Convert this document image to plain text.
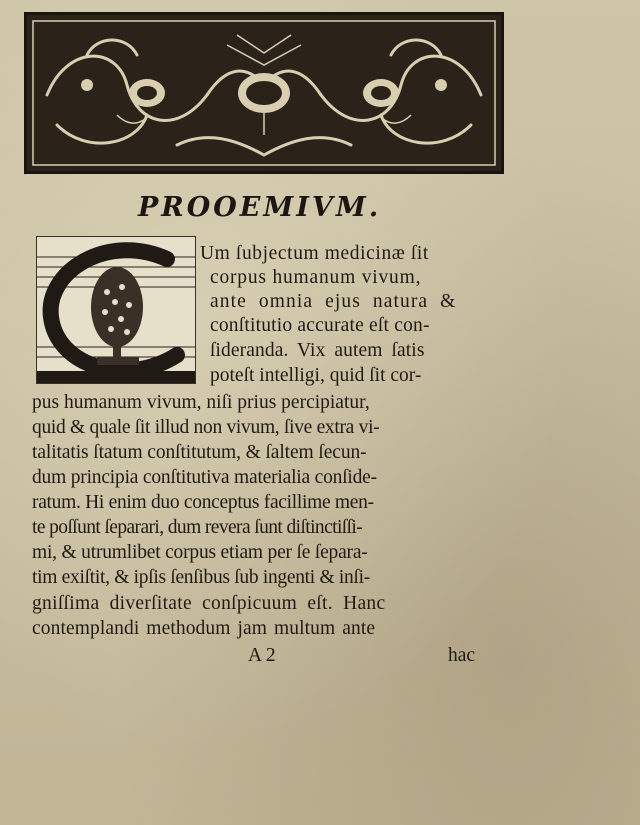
PROOEMIVM.
Um ſubjectum medicinæ ſit
corpus humanum vivum,
ante omnia ejus natura &
conſtitutio accurate eſt con-
ſideranda. Vix autem ſatis
poteſt intelligi, quid ſit cor-
pus humanum vivum, niſi prius percipiatur,
quid & quale ſit illud non vivum, ſive extra vi-
talitatis ſtatum conſtitutum, & ſaltem ſecun-
dum principia conſtitutiva materialia conſide-
ratum. Hi enim duo conceptus facillime men-
te poſſunt ſeparari, dum revera ſunt diſtinctiſſi-
mi, & utrumlibet corpus etiam per ſe ſepara-
tim exiſtit, & ipſis ſenſibus ſub ingenti & inſi-
gniſſima diverſitate conſpicuum eſt. Hanc
contemplandi methodum jam multum ante
A 2	hac
